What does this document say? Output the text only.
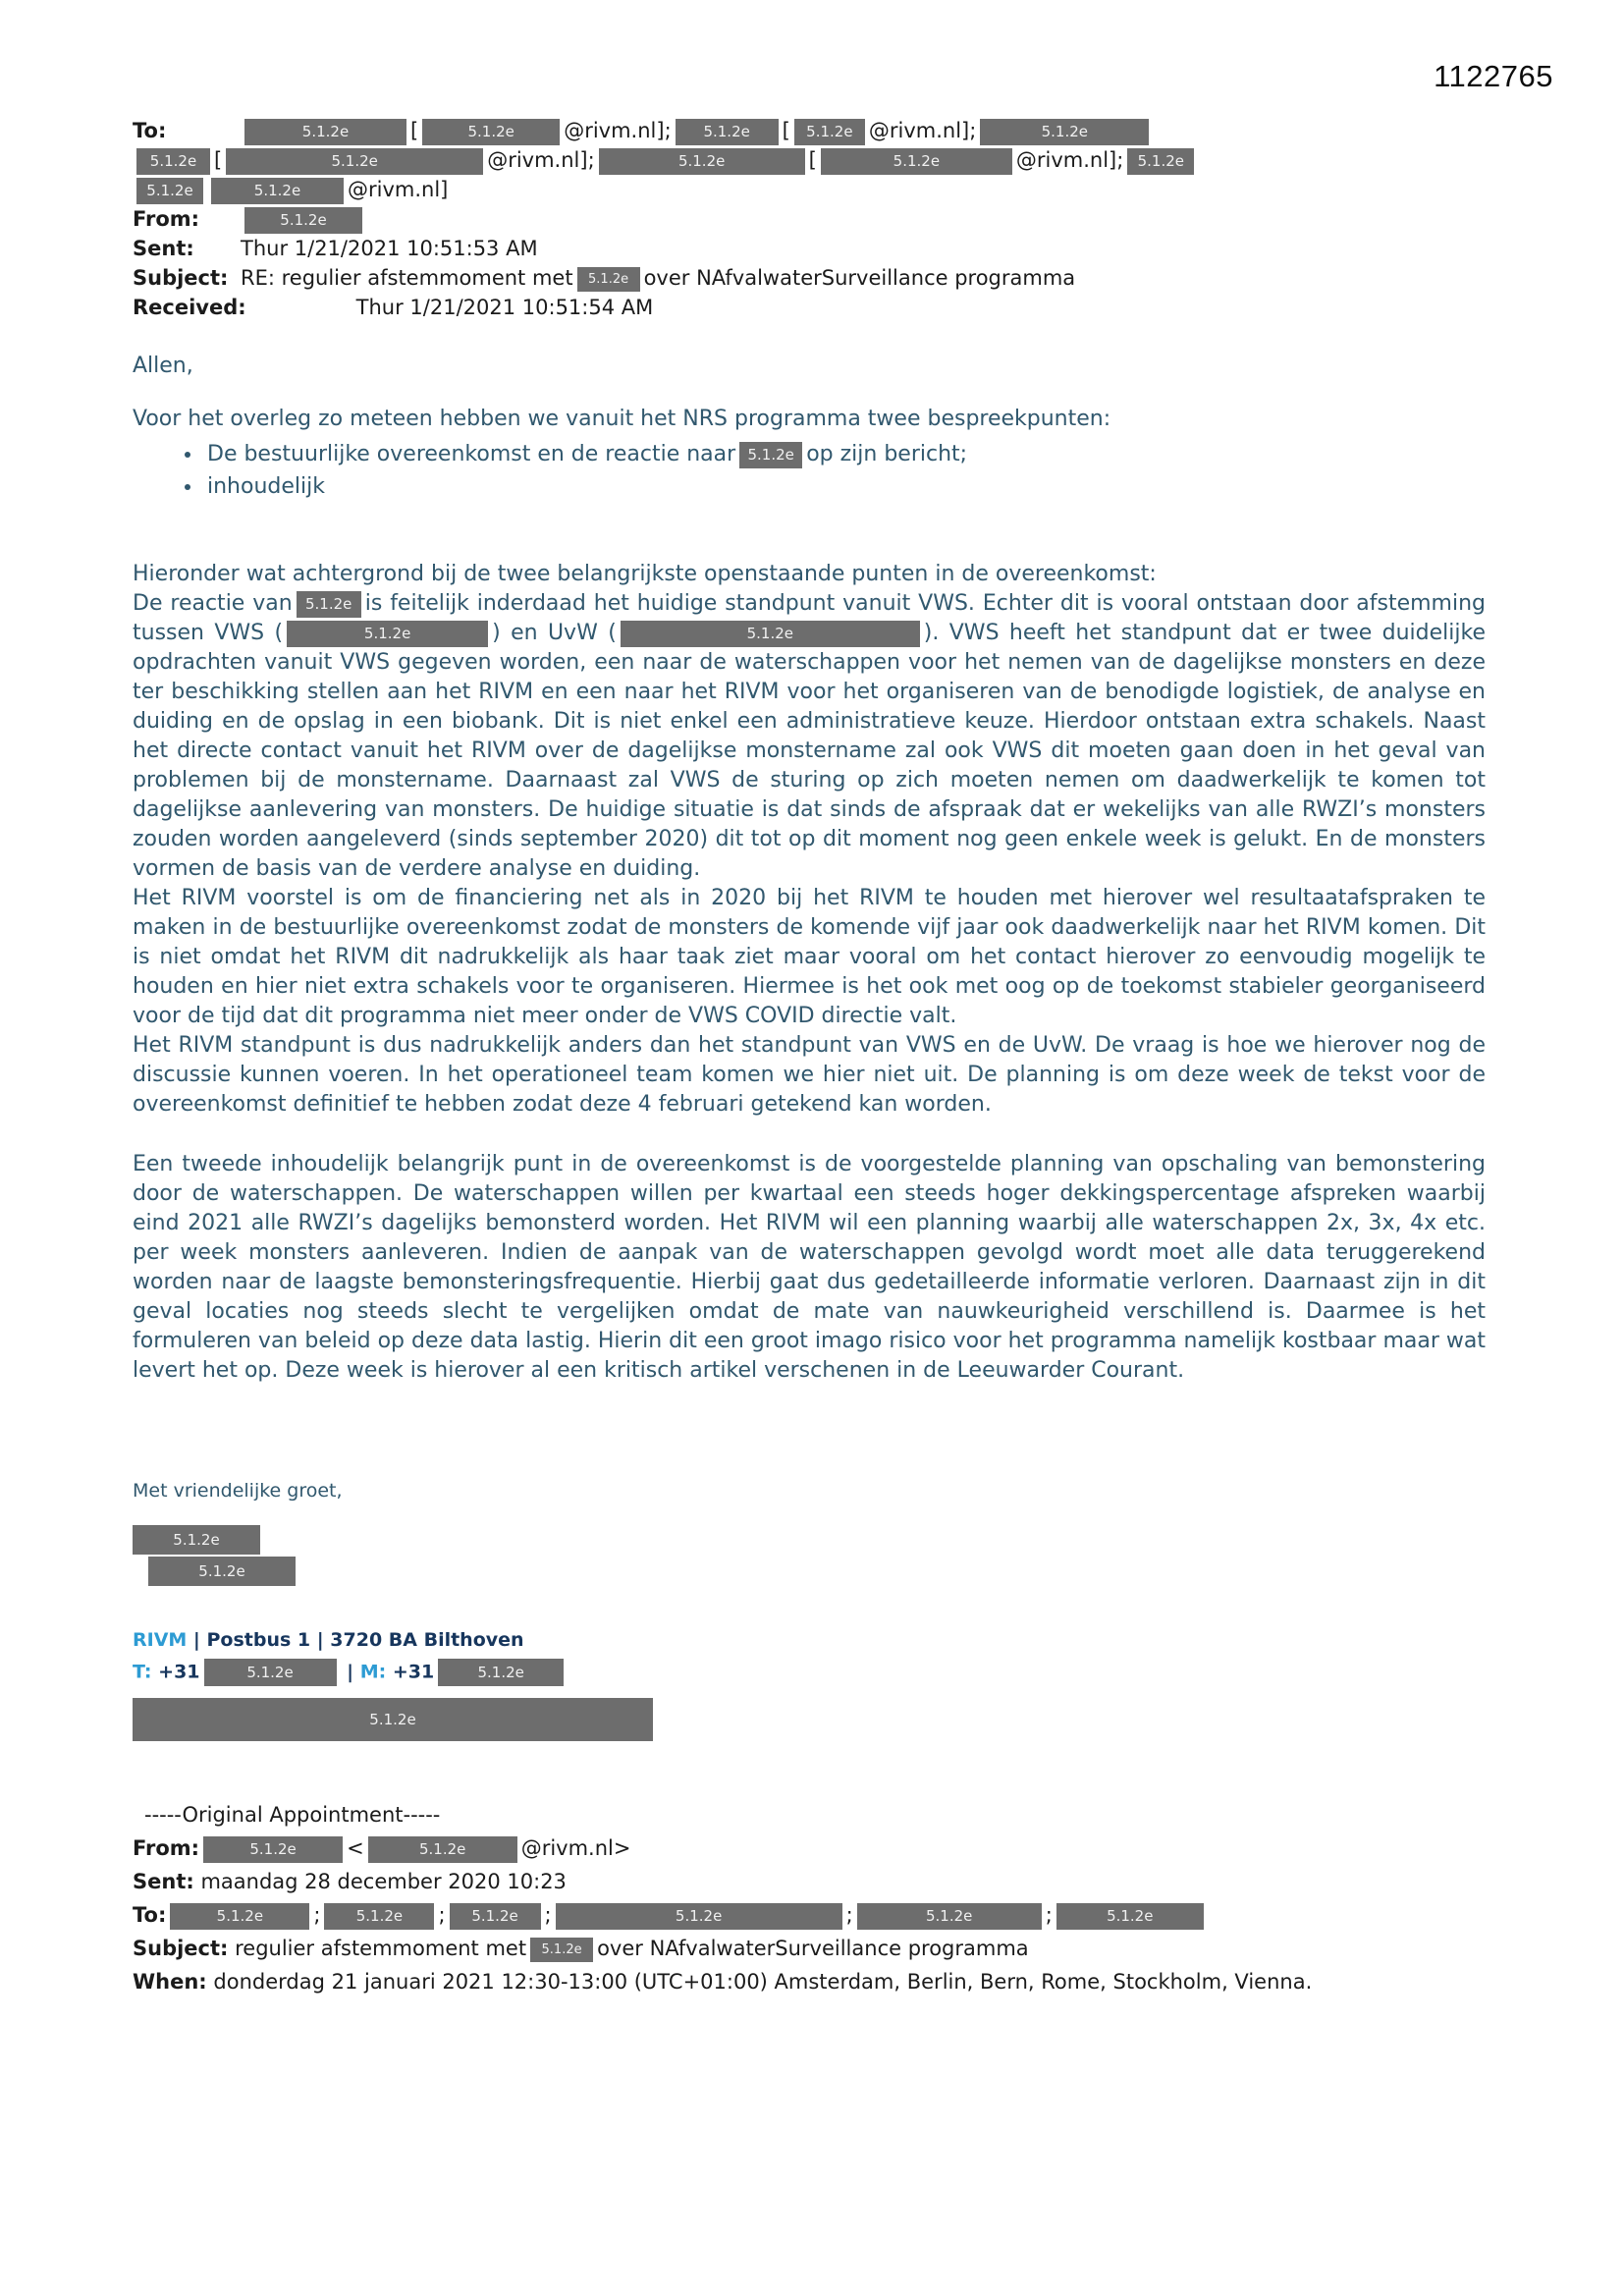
1122765
To:	5.1.2e	[	5.1.2e @rivm.nl]; 5.1.2e [ 5.1.2e @rivm.nl];	5.1.2e
5.1.2e [	5.1.2e	@rivm.nl];	5.1.2e	[	5.1.2e	@rivm.nl]; 5.1.2e
5.1.2e	5.1.2e @rivm.nl]
From:	5.1.2e
Sent: Thur 1/21/2021 10:51:53 AM
Subject: RE: regulier afstemmoment met 5.1.2e over NAfvalwaterSurveillance programma
Received:	Thur 1/21/2021 10:51:54 AM
Allen,
Voor het overleg zo meteen hebben we vanuit het NRS programma twee bespreekpunten:
• De bestuurlijke overeenkomst en de reactie naar 5.1.2e op zijn bericht;
• inhoudelijk
Hieronder wat achtergrond bij de twee belangrijkste openstaande punten in de overeenkomst:
De reactie van 5.1.2e is feitelijk inderdaad het huidige standpunt vanuit VWS. Echter dit is vooral ontstaan door afstemming tussen VWS (	5.1.2e	) en UvW (	5.1.2e	). VWS heeft het standpunt dat er twee duidelijke opdrachten vanuit VWS gegeven worden, een naar de waterschappen voor het nemen van de dagelijkse monsters en deze ter beschikking stellen aan het RIVM en een naar het RIVM voor het organiseren van de benodigde logistiek, de analyse en duiding en de opslag in een biobank. Dit is niet enkel een administratieve keuze. Hierdoor ontstaan extra schakels. Naast het directe contact vanuit het RIVM over de dagelijkse monstername zal ook VWS dit moeten gaan doen in het geval van problemen bij de monstername. Daarnaast zal VWS de sturing op zich moeten nemen om daadwerkelijk te komen tot dagelijkse aanlevering van monsters. De huidige situatie is dat sinds de afspraak dat er wekelijks van alle RWZI’s monsters zouden worden aangeleverd (sinds september 2020) dit tot op dit moment nog geen enkele week is gelukt. En de monsters vormen de basis van de verdere analyse en duiding.
Het RIVM voorstel is om de financiering net als in 2020 bij het RIVM te houden met hierover wel resultaatafspraken te maken in de bestuurlijke overeenkomst zodat de monsters de komende vijf jaar ook daadwerkelijk naar het RIVM komen. Dit is niet omdat het RIVM dit nadrukkelijk als haar taak ziet maar vooral om het contact hierover zo eenvoudig mogelijk te houden en hier niet extra schakels voor te organiseren. Hiermee is het ook met oog op de toekomst stabieler georganiseerd voor de tijd dat dit programma niet meer onder de VWS COVID directie valt.
Het RIVM standpunt is dus nadrukkelijk anders dan het standpunt van VWS en de UvW. De vraag is hoe we hierover nog de discussie kunnen voeren. In het operationeel team komen we hier niet uit. De planning is om deze week de tekst voor de overeenkomst definitief te hebben zodat deze 4 februari getekend kan worden.
Een tweede inhoudelijk belangrijk punt in de overeenkomst is de voorgestelde planning van opschaling van bemonstering door de waterschappen. De waterschappen willen per kwartaal een steeds hoger dekkingspercentage afspreken waarbij eind 2021 alle RWZI’s dagelijks bemonsterd worden. Het RIVM wil een planning waarbij alle waterschappen 2x, 3x, 4x etc. per week monsters aanleveren. Indien de aanpak van de waterschappen gevolgd wordt moet alle data teruggerekend worden naar de laagste bemonsteringsfrequentie. Hierbij gaat dus gedetailleerde informatie verloren. Daarnaast zijn in dit geval locaties nog steeds slecht te vergelijken omdat de mate van nauwkeurigheid verschillend is. Daarmee is het formuleren van beleid op deze data lastig. Hierin dit een groot imago risico voor het programma namelijk kostbaar maar wat levert het op. Deze week is hierover al een kritisch artikel verschenen in de Leeuwarder Courant.
Met vriendelijke groet,
5.1.2e
5.1.2e
RIVM | Postbus 1 | 3720 BA Bilthoven
T: +31	5.1.2e	| M: +31	5.1.2e
5.1.2e
-----Original Appointment-----
From:	5.1.2e <	5.1.2e	@rivm.nl>
Sent: maandag 28 december 2020 10:23
To:	5.1.2e ; 5.1.2e ; 5.1.2e ;	5.1.2e	;	5.1.2e	;	5.1.2e
Subject: regulier afstemmoment met 5.1.2e over NAfvalwaterSurveillance programma
When: donderdag 21 januari 2021 12:30-13:00 (UTC+01:00) Amsterdam, Berlin, Bern, Rome, Stockholm, Vienna.
